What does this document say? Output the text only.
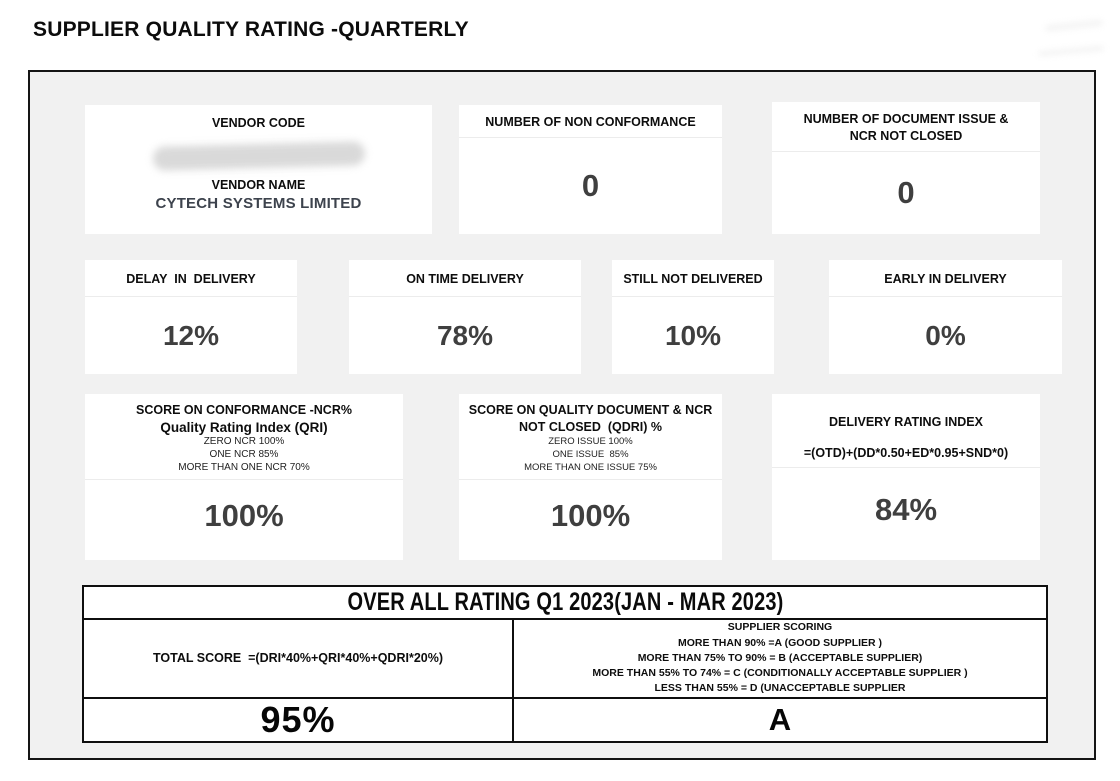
SUPPLIER QUALITY RATING -QUARTERLY
VENDOR CODE
VENDOR NAME
CYTECH SYSTEMS LIMITED
NUMBER OF NON CONFORMANCE
0
NUMBER OF DOCUMENT ISSUE &
NCR NOT CLOSED
0
DELAY  IN  DELIVERY
12%
ON TIME DELIVERY
78%
STILL NOT DELIVERED
10%
EARLY IN DELIVERY
0%
SCORE ON CONFORMANCE -NCR%
Quality Rating Index (QRI)
ZERO NCR 100%
ONE NCR 85%
MORE THAN ONE NCR 70%
100%
SCORE ON QUALITY DOCUMENT & NCR
NOT CLOSED  (QDRI) %
ZERO ISSUE 100%
ONE ISSUE  85%
MORE THAN ONE ISSUE 75%
100%
DELIVERY RATING INDEX
=(OTD)+(DD*0.50+ED*0.95+SND*0)
84%
OVER ALL RATING Q1 2023(JAN - MAR 2023)
TOTAL SCORE  =(DRI*40%+QRI*40%+QDRI*20%)
SUPPLIER SCORING
MORE THAN 90% =A (GOOD SUPPLIER )
MORE THAN 75% TO 90% = B (ACCEPTABLE SUPPLIER)
MORE THAN 55% TO 74% = C (CONDITIONALLY ACCEPTABLE SUPPLIER )
LESS THAN 55% = D (UNACCEPTABLE SUPPLIER
95%	A
